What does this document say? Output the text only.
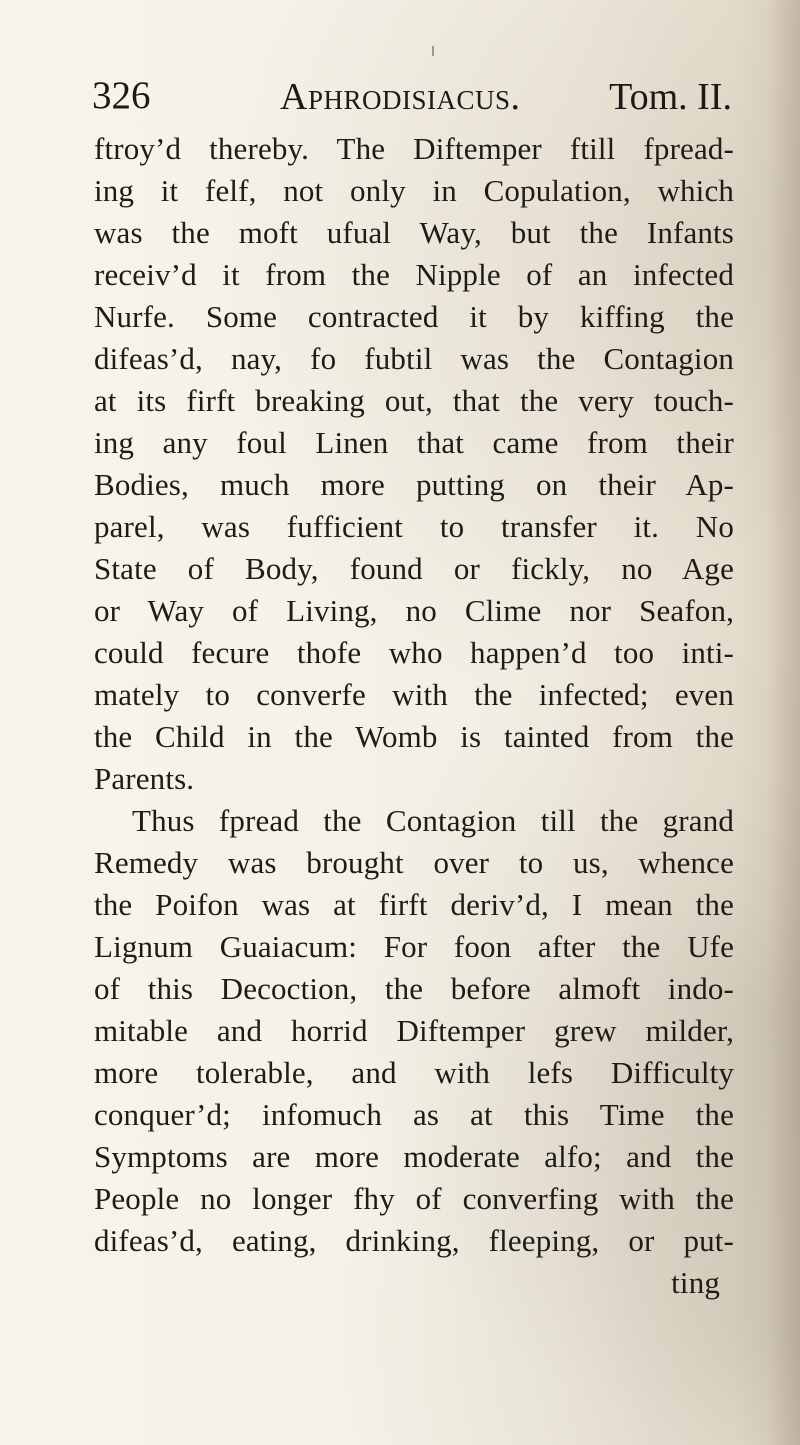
326	Aphrodisiacus. Tom. II.
ftroy’d thereby. The Diftemper ftill fpread-
ing it felf, not only in Copulation, which
was the moft ufual Way, but the Infants
receiv’d it from the Nipple of an infected
Nurfe. Some contracted it by kiffing the
difeas’d, nay, fo fubtil was the Contagion
at its firft breaking out, that the very touch-
ing any foul Linen that came from their
Bodies, much more putting on their Ap-
parel, was fufficient to transfer it. No
State of Body, found or fickly, no Age
or Way of Living, no Clime nor Seafon,
could fecure thofe who happen’d too inti-
mately to converfe with the infected; even
the Child in the Womb is tainted from the
Parents.
Thus fpread the Contagion till the grand
Remedy was brought over to us, whence
the Poifon was at firft deriv’d, I mean the
Lignum Guaiacum: For foon after the Ufe
of this Decoction, the before almoft indo-
mitable and horrid Diftemper grew milder,
more tolerable, and with lefs Difficulty
conquer’d; infomuch as at this Time the
Symptoms are more moderate alfo; and the
People no longer fhy of converfing with the
difeas’d, eating, drinking, fleeping, or put-
ting
